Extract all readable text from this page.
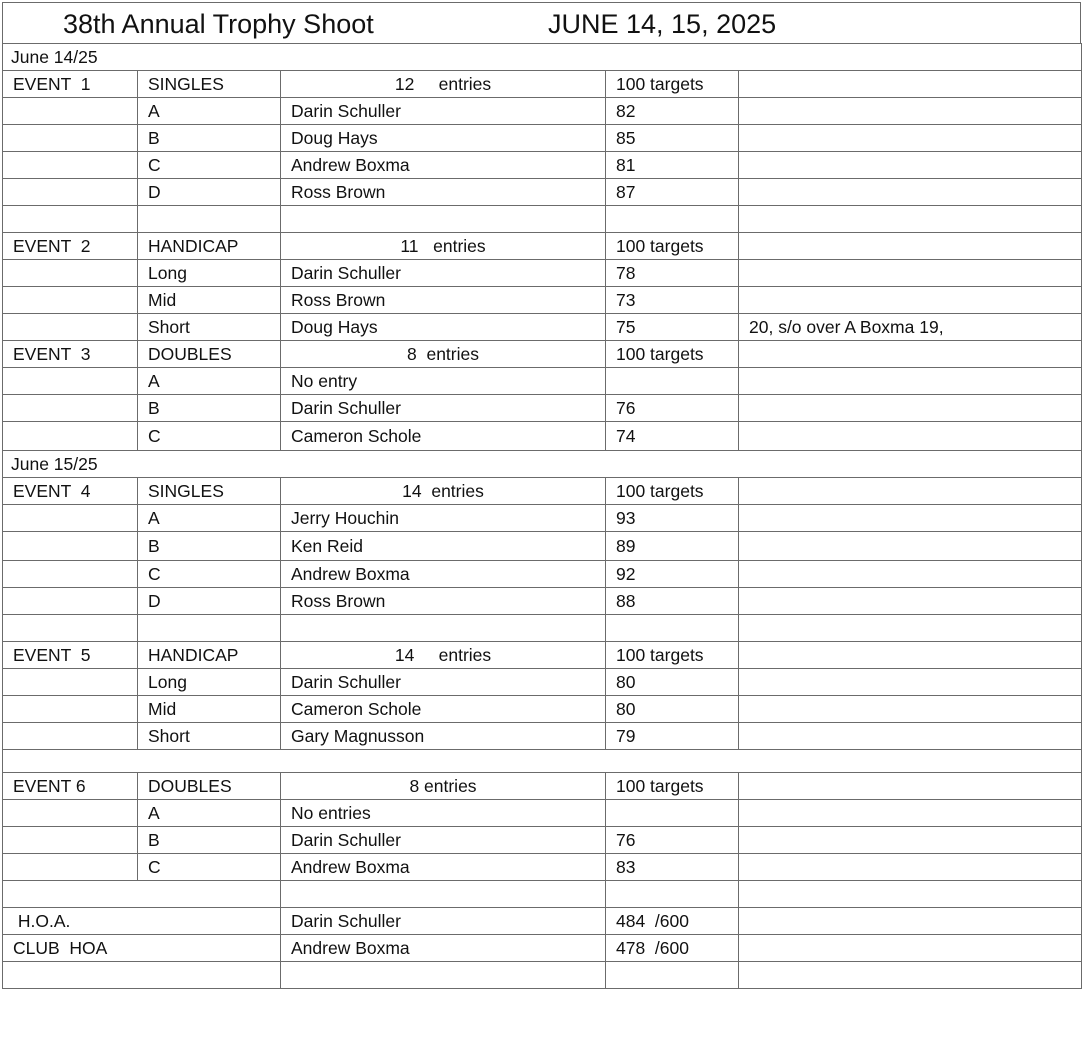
38th Annual Trophy Shoot	JUNE 14, 15, 2025
June 14/25				
EVENT  1	SINGLES	12     entries	100 targets	
	A	Darin Schuller	82	
	B	Doug Hays	85	
	C	Andrew Boxma	81	
	D	Ross Brown	87	

EVENT  2	HANDICAP	11   entries	100 targets	
	Long	Darin Schuller	78	
	Mid	Ross Brown	73	
	Short	Doug Hays	75	20, s/o over A Boxma 19,
EVENT  3	DOUBLES	8  entries	100 targets	
	A	No entry		
	B	Darin Schuller	76	
	C	Cameron Schole	74	
June 15/25				
EVENT  4	SINGLES	14  entries	100 targets	
	A	Jerry Houchin	93	
	B	Ken Reid	89	
	C	Andrew Boxma	92	
	D	Ross Brown	88	

EVENT  5	HANDICAP	14     entries	100 targets	
	Long	Darin Schuller	80	
	Mid	Cameron Schole	80	
	Short	Gary Magnusson	79	

EVENT 6	DOUBLES	8 entries	100 targets	
	A	No entries		
	B	Darin Schuller	76	
	C	Andrew Boxma	83	

H.O.A.		Darin Schuller	484  /600	
CLUB  HOA		Andrew Boxma	478  /600	
